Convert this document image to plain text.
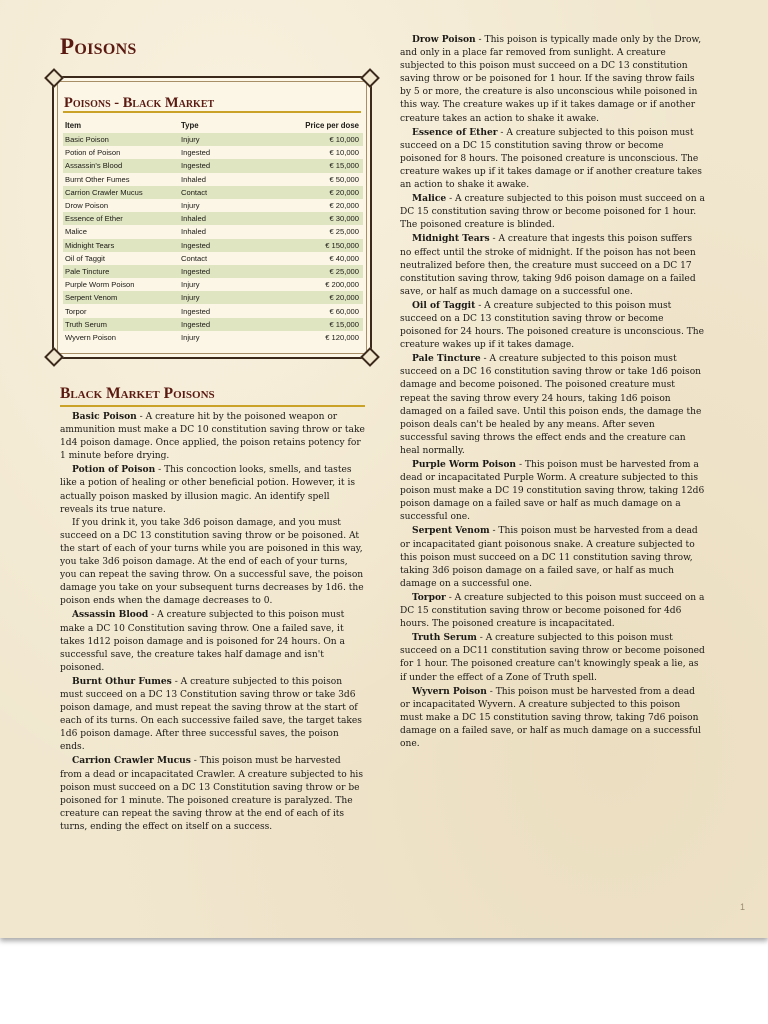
Poisons
Poisons - Black Market
Item	Type	Price per dose
Basic Poison	Injury	€ 10,000
Potion of Poison	Ingested	€ 10,000
Assassin's Blood	Ingested	€ 15,000
Burnt Other Fumes	Inhaled	€ 50,000
Carrion Crawler Mucus	Contact	€ 20,000
Drow Poison	Injury	€ 20,000
Essence of Ether	Inhaled	€ 30,000
Malice	Inhaled	€ 25,000
Midnight Tears	Ingested	€ 150,000
Oil of Taggit	Contact	€ 40,000
Pale Tincture	Ingested	€ 25,000
Purple Worm Poison	Injury	€ 200,000
Serpent Venom	Injury	€ 20,000
Torpor	Ingested	€ 60,000
Truth Serum	Ingested	€ 15,000
Wyvern Poison	Injury	€ 120,000
Black Market Poisons

Basic Poison - A creature hit by the poisoned weapon or ammunition must make a DC 10 constitution saving throw or take 1d4 poison damage. Once applied, the poison retains potency for 1 minute before drying.

Potion of Poison - This concoction looks, smells, and tastes like a potion of healing or other beneficial potion. However, it is actually poison masked by illusion magic. An identify spell reveals its true nature.

If you drink it, you take 3d6 poison damage, and you must succeed on a DC 13 constitution saving throw or be poisoned. At the start of each of your turns while you are poisoned in this way, you take 3d6 poison damage. At the end of each of your turns, you can repeat the saving throw. On a successful save, the poison damage you take on your subsequent turns decreases by 1d6. the poison ends when the damage decreases to 0.

Assassin Blood - A creature subjected to this poison must make a DC 10 Constitution saving throw. One a failed save, it takes 1d12 poison damage and is poisoned for 24 hours. On a successful save, the creature takes half damage and isn't poisoned.

Burnt Othur Fumes - A creature subjected to this poison must succeed on a DC 13 Constitution saving throw or take 3d6 poison damage, and must repeat the saving throw at the start of each of its turns. On each successive failed save, the target takes 1d6 poison damage. After three successful saves, the poison ends.

Carrion Crawler Mucus - This poison must be harvested from a dead or incapacitated Crawler. A creature subjected to his poison must succeed on a DC 13 Constitution saving throw or be poisoned for 1 minute. The poisoned creature is paralyzed. The creature can repeat the saving throw at the end of each of its turns, ending the effect on itself on a success.

Drow Poison - This poison is typically made only by the Drow, and only in a place far removed from sunlight. A creature subjected to this poison must succeed on a DC 13 constitution saving throw or be poisoned for 1 hour. If the saving throw fails by 5 or more, the creature is also unconscious while poisoned in this way. The creature wakes up if it takes damage or if another creature takes an action to shake it awake.

Essence of Ether - A creature subjected to this poison must succeed on a DC 15 constitution saving throw or become poisoned for 8 hours. The poisoned creature is unconscious. The creature wakes up if it takes damage or if another creature takes an action to shake it awake.

Malice - A creature subjected to this poison must succeed on a DC 15 constitution saving throw or become poisoned for 1 hour. The poisoned creature is blinded.

Midnight Tears - A creature that ingests this poison suffers no effect until the stroke of midnight. If the poison has not been neutralized before then, the creature must succeed on a DC 17 constitution saving throw, taking 9d6 poison damage on a failed save, or half as much damage on a successful one.

Oil of Taggit - A creature subjected to this poison must succeed on a DC 13 constitution saving throw or become poisoned for 24 hours. The poisoned creature is unconscious. The creature wakes up if it takes damage.

Pale Tincture - A creature subjected to this poison must succeed on a DC 16 constitution saving throw or take 1d6 poison damage and become poisoned. The poisoned creature must repeat the saving throw every 24 hours, taking 1d6 poison damaged on a failed save. Until this poison ends, the damage the poison deals can't be healed by any means. After seven successful saving throws the effect ends and the creature can heal normally.

Purple Worm Poison - This poison must be harvested from a dead or incapacitated Purple Worm. A creature subjected to this poison must make a DC 19 constitution saving throw, taking 12d6 poison damage on a failed save or half as much damage on a successful one.

Serpent Venom - This poison must be harvested from a dead or incapacitated giant poisonous snake. A creature subjected to this poison must succeed on a DC 11 constitution saving throw, taking 3d6 poison damage on a failed save, or half as much damage on a successful one.

Torpor - A creature subjected to this poison must succeed on a DC 15 constitution saving throw or become poisoned for 4d6 hours. The poisoned creature is incapacitated.

Truth Serum - A creature subjected to this poison must succeed on a DC11 constitution saving throw or become poisoned for 1 hour. The poisoned creature can't knowingly speak a lie, as if under the effect of a Zone of Truth spell.

Wyvern Poison - This poison must be harvested from a dead or incapacitated Wyvern. A creature subjected to this poison must make a DC 15 constitution saving throw, taking 7d6 poison damage on a failed save, or half as much damage on a successful one.

1
